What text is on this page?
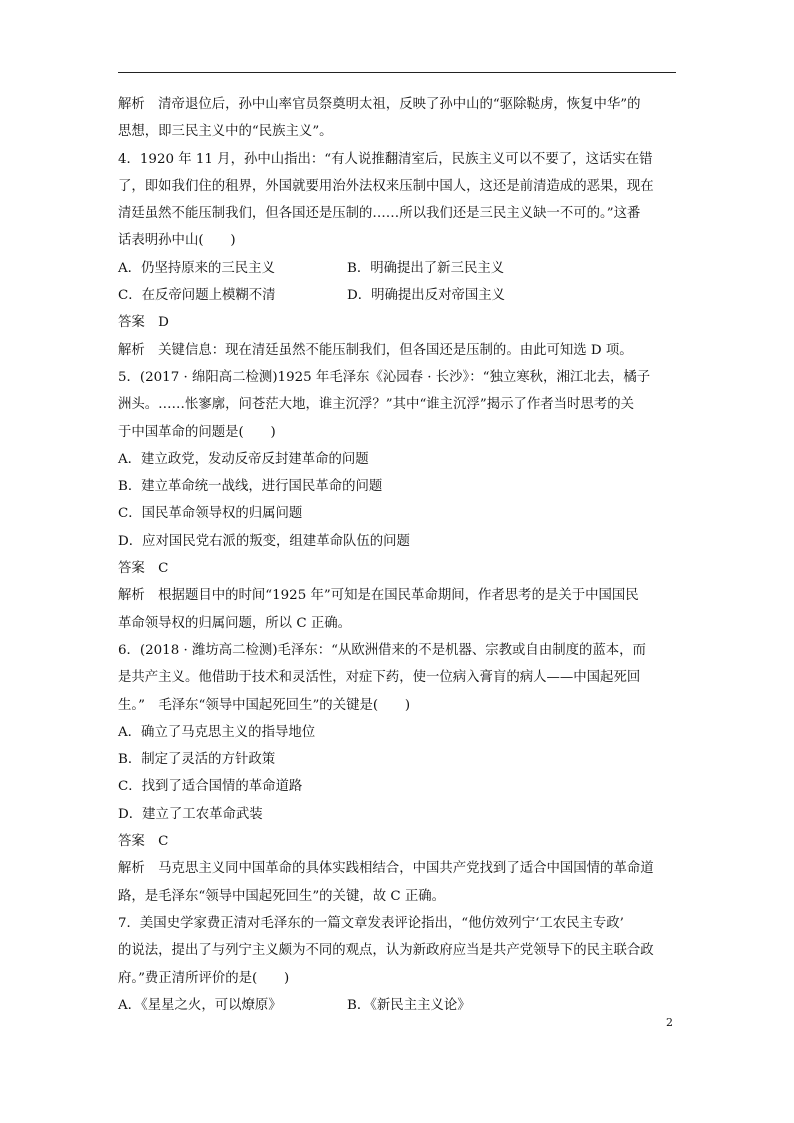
解析　清帝退位后，孙中山率官员祭奠明太祖，反映了孙中山的“驱除鞑虏，恢复中华”的
思想，即三民主义中的“民族主义”。
4．1920 年 11 月，孙中山指出：“有人说推翻清室后，民族主义可以不要了，这话实在错
了，即如我们住的租界，外国就要用治外法权来压制中国人，这还是前清造成的恶果，现在
清廷虽然不能压制我们，但各国还是压制的……所以我们还是三民主义缺一不可的。”这番
话表明孙中山(　　)
A．仍坚持原来的三民主义	B．明确提出了新三民主义
C．在反帝问题上模糊不清	D．明确提出反对帝国主义
答案　D
解析　关键信息：现在清廷虽然不能压制我们，但各国还是压制的。由此可知选 D 项。
5．(2017 · 绵阳高二检测)1925 年毛泽东《沁园春 · 长沙》：“独立寒秋，湘江北去，橘子
洲头。……怅寥廓，问苍茫大地，谁主沉浮？”其中“谁主沉浮”揭示了作者当时思考的关
于中国革命的问题是(　　)
A．建立政党，发动反帝反封建革命的问题
B．建立革命统一战线，进行国民革命的问题
C．国民革命领导权的归属问题
D．应对国民党右派的叛变，组建革命队伍的问题
答案　C
解析　根据题目中的时间“1925 年”可知是在国民革命期间，作者思考的是关于中国国民
革命领导权的归属问题，所以 C 正确。
6．(2018 · 潍坊高二检测)毛泽东：“从欧洲借来的不是机器、宗教或自由制度的蓝本，而
是共产主义。他借助于技术和灵活性，对症下药，使一位病入膏肓的病人——中国起死回
生。”　毛泽东“领导中国起死回生”的关键是(　　)
A．确立了马克思主义的指导地位
B．制定了灵活的方针政策
C．找到了适合国情的革命道路
D．建立了工农革命武装
答案　C
解析　马克思主义同中国革命的具体实践相结合，中国共产党找到了适合中国国情的革命道
路，是毛泽东“领导中国起死回生”的关键，故 C 正确。
7．美国史学家费正清对毛泽东的一篇文章发表评论指出，“他仿效列宁‘工农民主专政’
的说法，提出了与列宁主义颇为不同的观点，认为新政府应当是共产党领导下的民主联合政
府。”费正清所评价的是(　　)
A．《星星之火，可以燎原》	B．《新民主主义论》
2
